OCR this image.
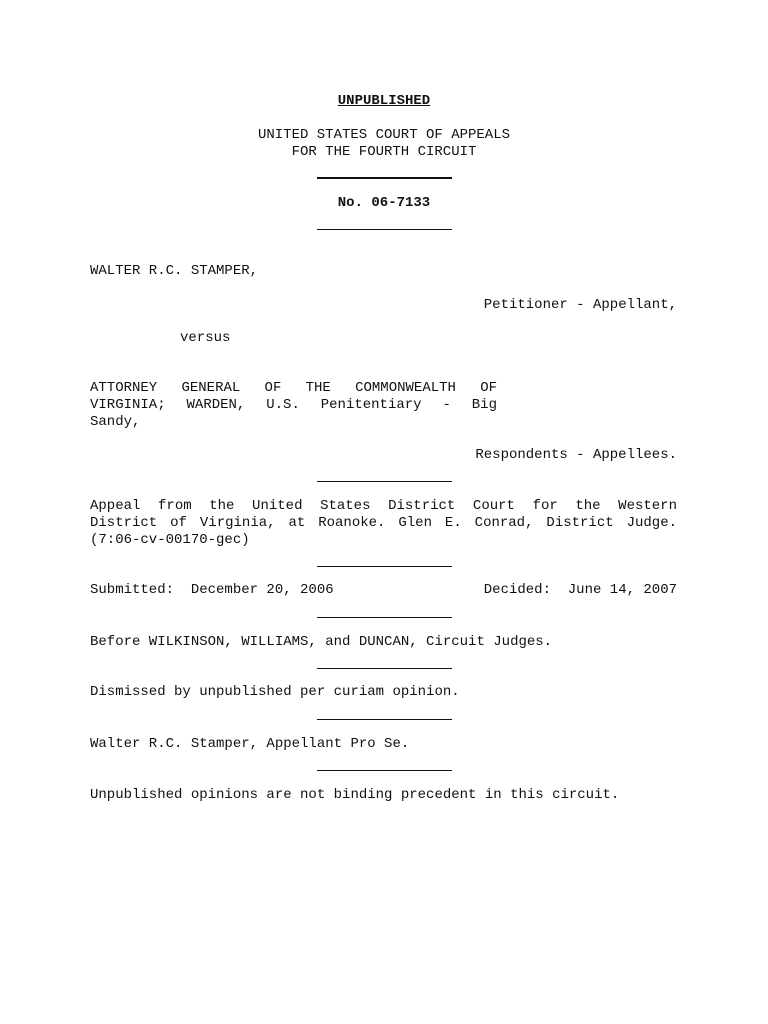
UNPUBLISHED
UNITED STATES COURT OF APPEALS
FOR THE FOURTH CIRCUIT
No. 06-7133
WALTER R.C. STAMPER,
Petitioner - Appellant,
versus
ATTORNEY GENERAL OF THE COMMONWEALTH OF
VIRGINIA; WARDEN, U.S. Penitentiary - Big
Sandy,
Respondents - Appellees.
Appeal from the United States District Court for the Western
District of Virginia, at Roanoke. Glen E. Conrad, District Judge.
(7:06-cv-00170-gec)
Submitted:  December 20, 2006	Decided:  June 14, 2007
Before WILKINSON, WILLIAMS, and DUNCAN, Circuit Judges.
Dismissed by unpublished per curiam opinion.
Walter R.C. Stamper, Appellant Pro Se.
Unpublished opinions are not binding precedent in this circuit.
